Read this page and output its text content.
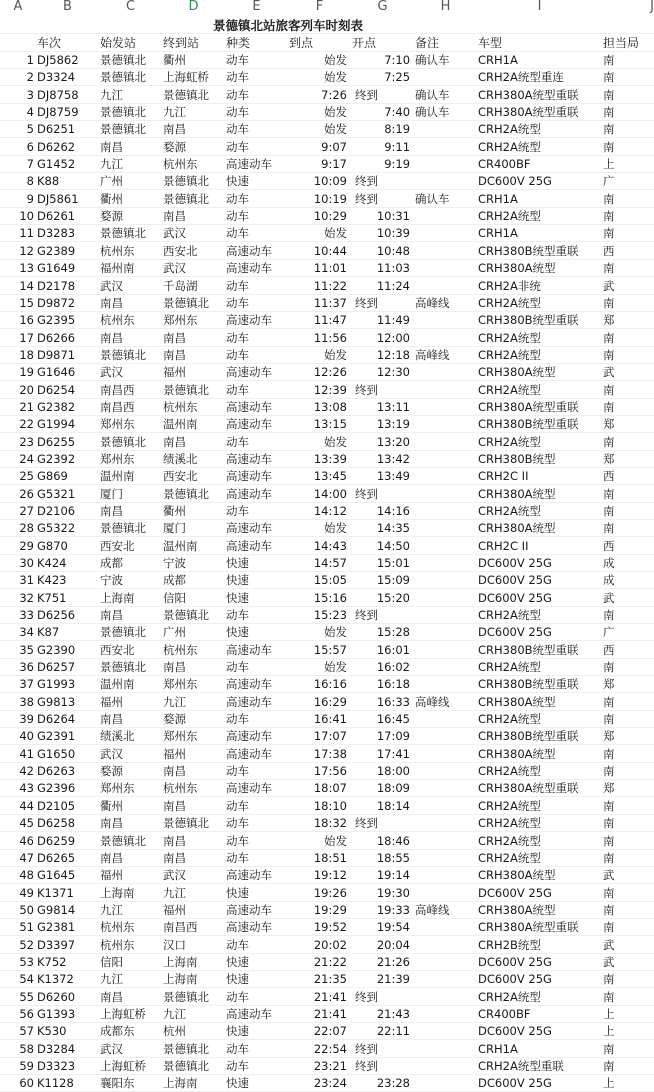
A	B	C	D	E	F	G	H	I	J
			景德镇北站旅客列车时刻表						
	车次	始发站	终到站	种类	到点	开点	备注	车型	担当局
1	DJ5862	景德镇北	衢州	动车	始发	7:10	确认车	CRH1A	南
2	D3324	景德镇北	上海虹桥	动车	始发	7:25		CRH2A统型重连	南
3	DJ8758	九江	景德镇北	动车	7:26	终到	确认车	CRH380A统型重联	南
4	DJ8759	景德镇北	九江	动车	始发	7:40	确认车	CRH380A统型重联	南
5	D6251	景德镇北	南昌	动车	始发	8:19		CRH2A统型	南
6	D6262	南昌	婺源	动车	9:07	9:11		CRH2A统型	南
7	G1452	九江	杭州东	高速动车	9:17	9:19		CR400BF	上
8	K88	广州	景德镇北	快速	10:09	终到		DC600V 25G	广
9	DJ5861	衢州	景德镇北	动车	10:19	终到	确认车	CRH1A	南
10	D6261	婺源	南昌	动车	10:29	10:31		CRH2A统型	南
11	D3283	景德镇北	武汉	动车	始发	10:39		CRH1A	南
12	G2389	杭州东	西安北	高速动车	10:44	10:48		CRH380B统型重联	西
13	G1649	福州南	武汉	高速动车	11:01	11:03		CRH380A统型	南
14	D2178	武汉	千岛湖	动车	11:22	11:24		CRH2A非统	武
15	D9872	南昌	景德镇北	动车	11:37	终到	高峰线	CRH2A统型	南
16	G2395	杭州东	郑州东	高速动车	11:47	11:49		CRH380B统型重联	郑
17	D6266	南昌	南昌	动车	11:56	12:00		CRH2A统型	南
18	D9871	景德镇北	南昌	动车	始发	12:18	高峰线	CRH2A统型	南
19	G1646	武汉	福州	高速动车	12:26	12:30		CRH380A统型	武
20	D6254	南昌西	景德镇北	动车	12:39	终到		CRH2A统型	南
21	G2382	南昌西	杭州东	高速动车	13:08	13:11		CRH380A统型重联	南
22	G1994	郑州东	温州南	高速动车	13:15	13:19		CRH380B统型重联	郑
23	D6255	景德镇北	南昌	动车	始发	13:20		CRH2A统型	南
24	G2392	郑州东	绩溪北	高速动车	13:39	13:42		CRH380B统型	郑
25	G869	温州南	西安北	高速动车	13:45	13:49		CRH2C II	西
26	G5321	厦门	景德镇北	高速动车	14:00	终到		CRH380A统型	南
27	D2106	南昌	衢州	动车	14:12	14:16		CRH2A统型	南
28	G5322	景德镇北	厦门	高速动车	始发	14:35		CRH380A统型	南
29	G870	西安北	温州南	高速动车	14:43	14:50		CRH2C II	西
30	K424	成都	宁波	快速	14:57	15:01		DC600V 25G	成
31	K423	宁波	成都	快速	15:05	15:09		DC600V 25G	成
32	K751	上海南	信阳	快速	15:16	15:20		DC600V 25G	武
33	D6256	南昌	景德镇北	动车	15:23	终到		CRH2A统型	南
34	K87	景德镇北	广州	快速	始发	15:28		DC600V 25G	广
35	G2390	西安北	杭州东	高速动车	15:57	16:01		CRH380B统型重联	西
36	D6257	景德镇北	南昌	动车	始发	16:02		CRH2A统型	南
37	G1993	温州南	郑州东	高速动车	16:16	16:18		CRH380B统型重联	郑
38	G9813	福州	九江	高速动车	16:29	16:33	高峰线	CRH380A统型	南
39	D6264	南昌	婺源	动车	16:41	16:45		CRH2A统型	南
40	G2391	绩溪北	郑州东	高速动车	17:07	17:09		CRH380B统型重联	郑
41	G1650	武汉	福州	高速动车	17:38	17:41		CRH380A统型	南
42	D6263	婺源	南昌	动车	17:56	18:00		CRH2A统型	南
43	G2396	郑州东	杭州东	高速动车	18:07	18:09		CRH380A统型重联	郑
44	D2105	衢州	南昌	动车	18:10	18:14		CRH2A统型	南
45	D6258	南昌	景德镇北	动车	18:32	终到		CRH2A统型	南
46	D6259	景德镇北	南昌	动车	始发	18:46		CRH2A统型	南
47	D6265	南昌	南昌	动车	18:51	18:55		CRH2A统型	南
48	G1645	福州	武汉	高速动车	19:12	19:14		CRH380A统型	武
49	K1371	上海南	九江	快速	19:26	19:30		DC600V 25G	南
50	G9814	九江	福州	高速动车	19:29	19:33	高峰线	CRH380A统型	南
51	G2381	杭州东	南昌西	高速动车	19:52	19:54		CRH380A统型重联	南
52	D3397	杭州东	汉口	动车	20:02	20:04		CRH2B统型	武
53	K752	信阳	上海南	快速	21:22	21:26		DC600V 25G	武
54	K1372	九江	上海南	快速	21:35	21:39		DC600V 25G	南
55	D6260	南昌	景德镇北	动车	21:41	终到		CRH2A统型	南
56	G1393	上海虹桥	九江	高速动车	21:41	21:43		CR400BF	上
57	K530	成都东	杭州	快速	22:07	22:11		DC600V 25G	上
58	D3284	武汉	景德镇北	动车	22:54	终到		CRH1A	南
59	D3323	上海虹桥	景德镇北	动车	23:21	终到		CRH2A统型重联	南
60	K1128	襄阳东	上海南	快速	23:24	23:28		DC600V 25G	上
